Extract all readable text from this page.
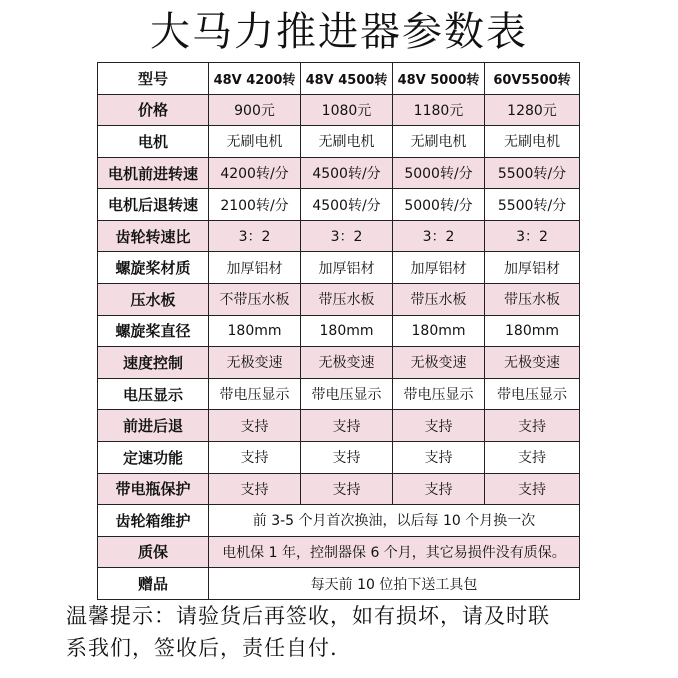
大马力推进器参数表
型号	48V 4200转	48V 4500转	48V 5000转	60V5500转
价格	900元	1080元	1180元	1280元
电机	无刷电机	无刷电机	无刷电机	无刷电机
电机前进转速	4200转/分	4500转/分	5000转/分	5500转/分
电机后退转速	2100转/分	4500转/分	5000转/分	5500转/分
齿轮转速比	3：2	3：2	3：2	3：2
螺旋桨材质	加厚铝材	加厚铝材	加厚铝材	加厚铝材
压水板	不带压水板	带压水板	带压水板	带压水板
螺旋桨直径	180mm	180mm	180mm	180mm
速度控制	无极变速	无极变速	无极变速	无极变速
电压显示	带电压显示	带电压显示	带电压显示	带电压显示
前进后退	支持	支持	支持	支持
定速功能	支持	支持	支持	支持
带电瓶保护	支持	支持	支持	支持
齿轮箱维护	前 3-5 个月首次换油，以后每 10 个月换一次			
质保	电机保 1 年，控制器保 6 个月，其它易损件没有质保。			
赠品	每天前 10 位拍下送工具包			
温馨提示：请验货后再签收，如有损坏，请及时联
系我们，签收后，责任自付.
